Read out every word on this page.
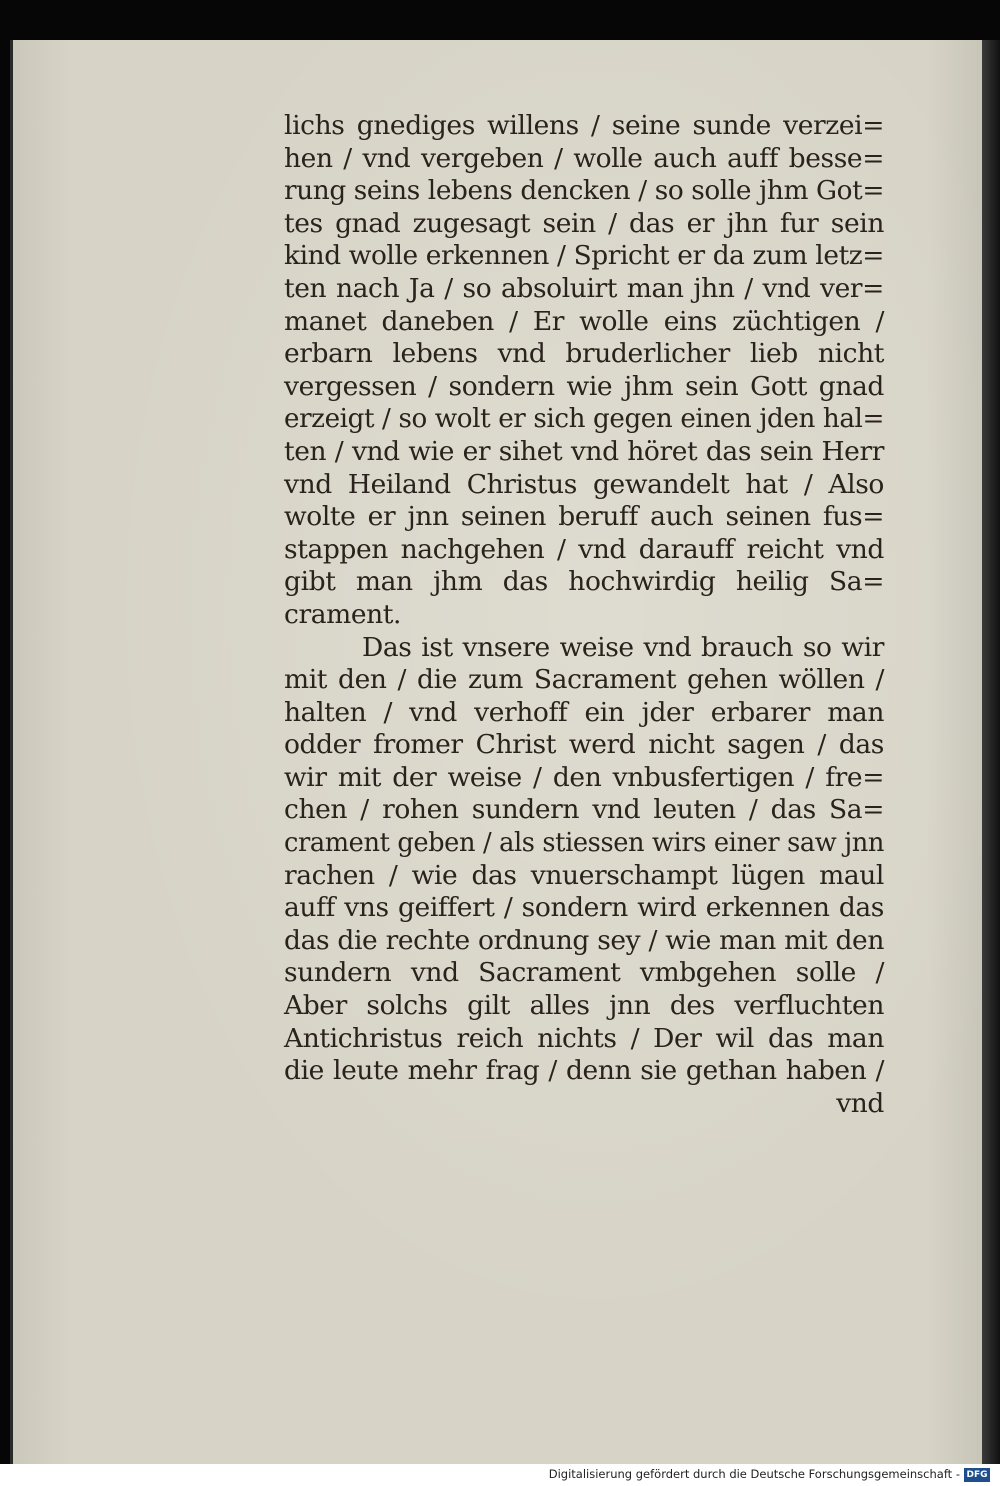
lichs gnediges willens / seine sunde verzei=
hen / vnd vergeben / wolle auch auff besse=
rung seins lebens dencken / so solle jhm Got=
tes gnad zugesagt sein / das er jhn fur sein
kind wolle erkennen / Spricht er da zum letz=
ten nach Ja / so absoluirt man jhn / vnd ver=
manet daneben / Er wolle eins züchtigen /
erbarn lebens vnd bruderlicher lieb nicht
vergessen / sondern wie jhm sein Gott gnad
erzeigt / so wolt er sich gegen einen jden hal=
ten / vnd wie er sihet vnd höret das sein Herr
vnd Heiland Christus gewandelt hat / Also
wolte er jnn seinen beruff auch seinen fus=
stappen nachgehen / vnd darauff reicht vnd
gibt man jhm das hochwirdig heilig Sa=
crament.
Das ist vnsere weise vnd brauch so wir
mit den / die zum Sacrament gehen wöllen /
halten / vnd verhoff ein jder erbarer man
odder fromer Christ werd nicht sagen / das
wir mit der weise / den vnbusfertigen / fre=
chen / rohen sundern vnd leuten / das Sa=
crament geben / als stiessen wirs einer saw jnn
rachen / wie das vnuerschampt lügen maul
auff vns geiffert / sondern wird erkennen das
das die rechte ordnung sey / wie man mit den
sundern vnd Sacrament vmbgehen solle /
Aber solchs gilt alles jnn des verfluchten
Antichristus reich nichts / Der wil das man
die leute mehr frag / denn sie gethan haben /
vnd
Digitalisierung gefördert durch die Deutsche Forschungsgemeinschaft - DFG
